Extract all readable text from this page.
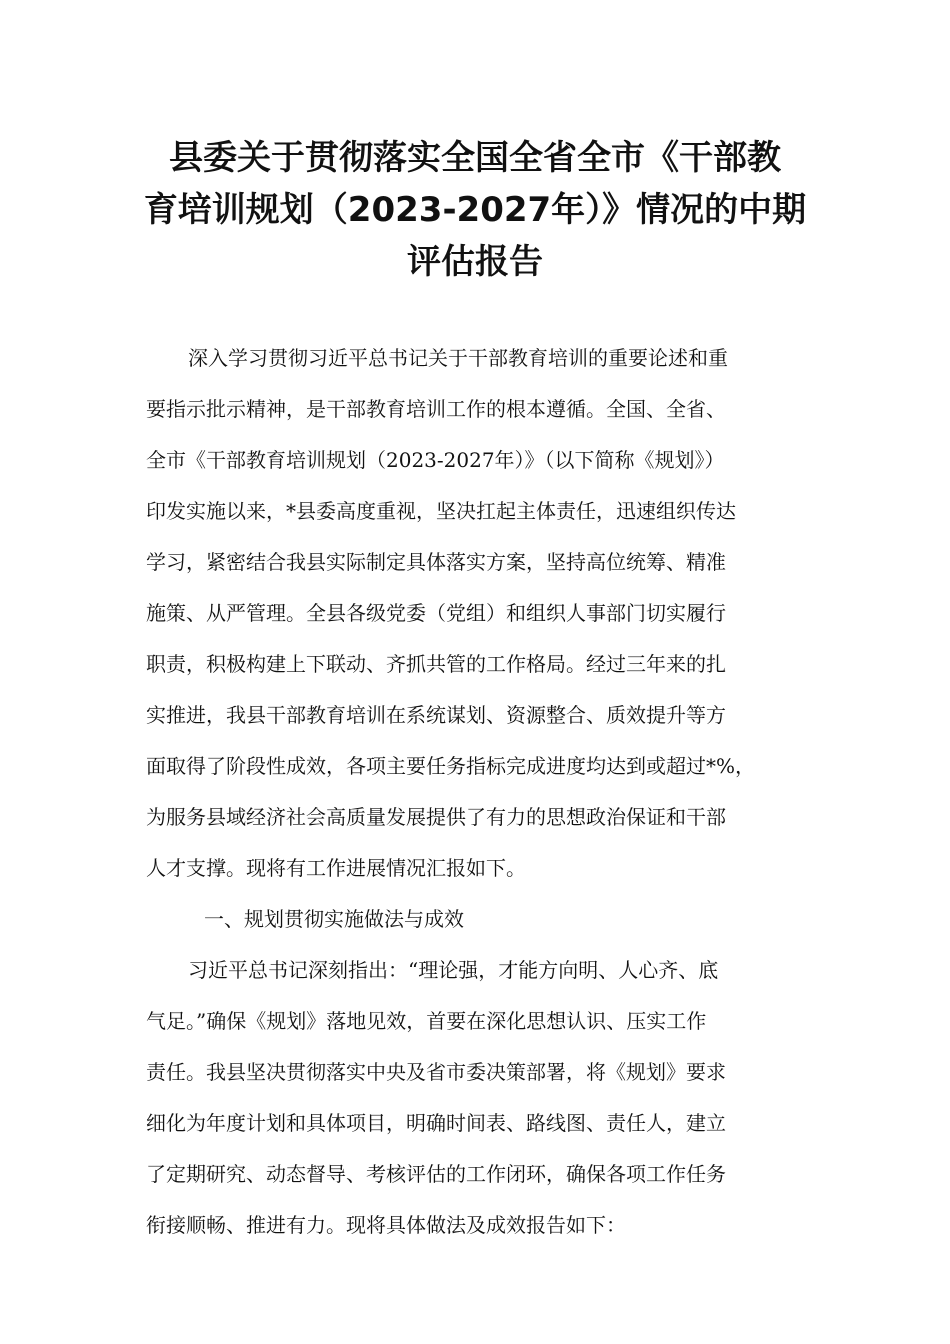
县委关于贯彻落实全国全省全市《干部教
育培训规划（2023-2027年）》情况的中期
评估报告
深入学习贯彻习近平总书记关于干部教育培训的重要论述和重
要指示批示精神，是干部教育培训工作的根本遵循。全国、全省、
全市《干部教育培训规划（2023-2027年）》（以下简称《规划》）
印发实施以来，*县委高度重视，坚决扛起主体责任，迅速组织传达
学习，紧密结合我县实际制定具体落实方案，坚持高位统筹、精准
施策、从严管理。全县各级党委（党组）和组织人事部门切实履行
职责，积极构建上下联动、齐抓共管的工作格局。经过三年来的扎
实推进，我县干部教育培训在系统谋划、资源整合、质效提升等方
面取得了阶段性成效，各项主要任务指标完成进度均达到或超过*%，
为服务县域经济社会高质量发展提供了有力的思想政治保证和干部
人才支撑。现将有工作进展情况汇报如下。
一、规划贯彻实施做法与成效
习近平总书记深刻指出：“理论强，才能方向明、人心齐、底
气足。”确保《规划》落地见效，首要在深化思想认识、压实工作
责任。我县坚决贯彻落实中央及省市委决策部署，将《规划》要求
细化为年度计划和具体项目，明确时间表、路线图、责任人，建立
了定期研究、动态督导、考核评估的工作闭环，确保各项工作任务
衔接顺畅、推进有力。现将具体做法及成效报告如下：
